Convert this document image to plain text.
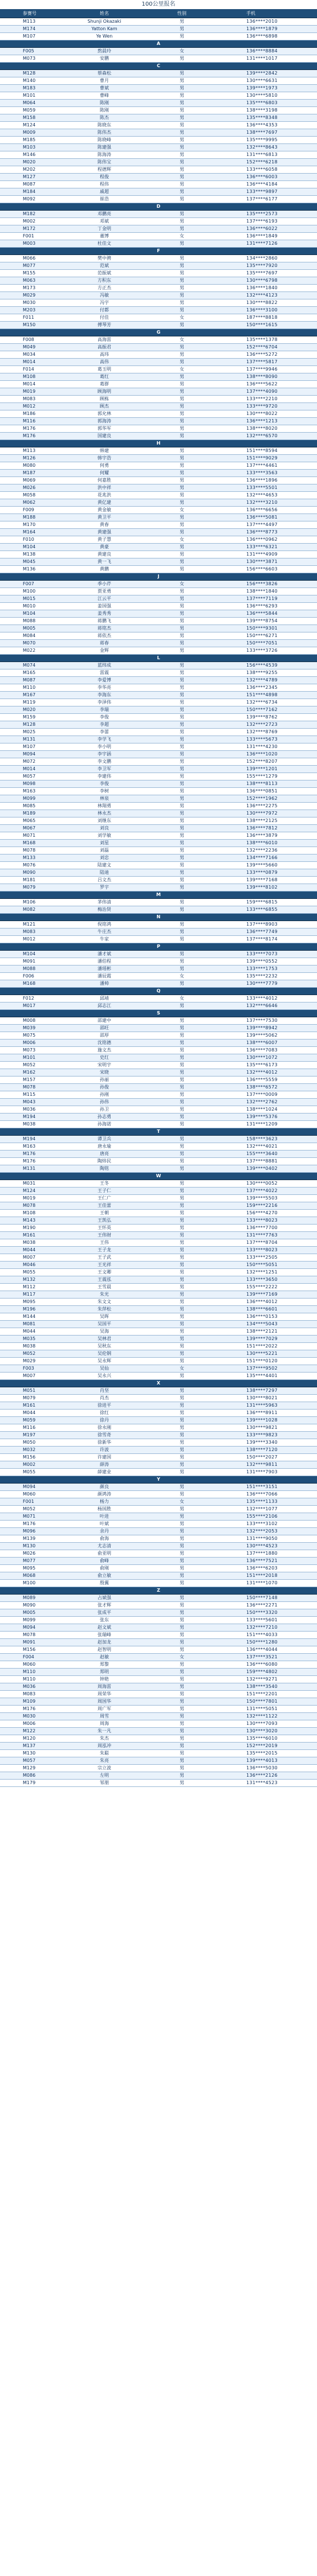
100公里报名
参赛号	姓名	性别	手机
M113	Shunji Okazaki	男	136****2010
M174	Yatton Kam	男	136****1879
M107	Ye Wen	男	136****6898
A
F005	熬晨玲	女	136****8884
M073	安鹏	男	131****1017
C
M128	蔡森松	男	139****2842
M140	曹月	男	130****6631
M183	曹斌	男	139****1973
M101	曹峰	男	130****5810
M064	陈刚	男	135****6803
M059	陈刚	男	138****3198
M158	陈杰	男	135****8348
M124	陈晓东	男	136****4353
M009	陈伟杰	男	138****7697
M185	陈晓峰	男	135****9995
M103	陈建强	男	132****8643
M146	陈海涛	男	131****6813
M020	陈伟宝	男	152****6218
M202	程德辉	男	133****6058
M127	程俊	男	136****6003
M087	程伟	男	136****4184
M184	戚超	男	133****9897
M092	崔浩	男	137****6177
D
M182	邓鹏亮	男	135****2573
M002	邓斌	男	137****6193
M172	丁金明	男	136****6022
F001	董博	女	136****1849
M003	杜佳文	男	131****7126
F
M066	樊中骋	男	134****2860
M077	范斌	男	135****7920
M155	范振斌	男	135****7697
M063	方积东	男	130****6798
M173	方正杰	男	136****1840
M029	冯敏	男	132****4123
M030	冯宇	男	130****8822
M203	付都	男	136****3100
F011	付佳	女	187****8818
M150	傅琴芳	男	150****1615
G
F008	高海雷	女	135****1378
M049	高振君	男	152****6704
M034	高玮	男	136****5272
M014	高伟	男	137****5817
F014	葛玉明	女	137****9946
M108	葛红	男	138****8090
M014	葛群	男	136****5622
M019	顾海明	男	137****4090
M083	顾栋	男	133****2210
M012	顾杰	男	133****9720
M186	郭允林	男	130****8022
M116	郭海涛	男	136****1213
M176	郭华军	男	138****8020
M176	国建良	男	132****6570
H
M113	韩建	男	151****8594
M126	韩宇浩	男	151****9029
M080	何勇	男	137****4461
M187	何耀	男	133****3563
M069	何嘉胜	男	136****1896
M026	洪中祥	男	133****5501
M058	花兆洪	男	132****4653
M062	黄亿建	男	132****3210
F009	黄金敏	女	136****6656
M188	黄卫平	男	136****5081
M170	黄春	男	137****4497
M164	黄建强	男	136****8773
F010	黄子慧	女	136****0962
M104	黄豪	男	133****6321
M138	黄建良	男	131****4909
M045	黄一飞	男	130****3871
M136	黄鹏	男	156****6603
J
F007	季小芹	女	156****3826
M100	贾亚勇	男	138****1840
M015	江云平	男	137****7119
M010	姜国强	男	136****6293
M104	姜秀秀	男	136****5844
M088	蒋鹏飞	男	139****8754
M005	蒋铭杰	男	150****9301
M084	蒋依杰	男	150****6271
M070	蒋春	男	150****7051
M022	金辉	男	133****3726
L
M074	蓝纬成	男	156****4539
M165	雷震	男	138****9255
M087	李爱博	男	132****4789
M110	李华亮	男	136****2345
M167	李海东	男	151****4898
M119	李泽伟	男	132****6734
M020	李瑞	男	150****7162
M159	李俊	男	139****8762
M128	李超	男	132****2723
M025	李蕾	男	132****8769
M131	李学飞	男	133****5673
M107	李小明	男	131****4230
M094	李宇涵	男	136****1020
M072	李文鹏	男	152****8207
M014	李卫军	男	139****1201
M057	李建伟	男	155****1279
M098	李俊	男	138****8113
M163	李树	男	136****0851
M099	林泉	男	152****1962
M085	林翔勇	男	136****2275
M189	林永杰	男	130****7972
M065	刘继东	男	138****2125
M067	刘良	男	136****7812
M071	刘学敏	男	136****3879
M168	刘星	男	138****6010
M078	刘磊	男	132****2236
M133	刘忠	男	134****7166
M076	陆建文	男	139****5660
M090	陆迪	男	133****0879
M181	吕文杰	男	139****7168
M079	罗宇	男	139****8102
M
M106	茅伟清	男	159****6815
M082	梅治贤	男	133****6855
N
M121	倪铭鸿	男	137****8903
M083	牛庄杰	男	136****7749
M012	牛家	男	137****8174
P
M104	潘才斌	男	133****7073
M091	潘伯程	男	139****0552
M088	潘瑶彬	男	133****1753
F006	潘辰霞	女	135****2232
M168	潘帅	男	130****7779
Q
F012	邱靖	女	133****4012
M017	邱志江	男	132****6646
S
M008	邵建中	男	137****7530
M039	邵旺	男	139****8942
M075	邵厚	男	139****5062
M006	沈铭德	男	138****6007
M073	施文杰	男	136****7083
M101	史红	男	130****1072
M052	宋明宇	男	135****6173
M162	宋晓	男	132****4012
M157	孙丽	男	136****5559
M078	孙俊	男	138****6572
M115	孙刚	男	137****0009
M043	孙伟	男	132****2762
M036	孙卫	男	138****1024
M194	孙志勇	男	139****5376
M038	孙海诺	男	131****1209
T
M194	谭卫兵	男	158****3623
M163	唐永瑜	男	132****4021
M176	唐亮	男	155****3640
M176	陶炜民	男	137****8881
M131	陶铭	男	139****0402
W
M031	王冬	男	130****0052
M124	王子仁	男	137****4022
M019	王仁广	男	139****5503
M078	王佳蕾	男	159****2216
M108	王朝	男	156****4270
M143	王凯弘	男	133****8023
M190	王怀英	男	136****7700
M161	王伟财	男	131****7763
M038	王伟	男	137****8704
M044	王子龙	男	133****8023
M007	王子武	男	133****2505
M046	王光祥	男	150****5051
M055	王文卿	男	132****1251
M132	王震泓	男	133****3650
M112	王雪晨	男	155****2222
M117	朱光	男	139****7169
M095	朱文文	男	136****4012
M196	朱萍松	男	138****6601
M144	吴晖	男	136****0153
M081	吴国平	男	134****5043
M044	吴海	男	138****2121
M035	吴林君	男	139****7029
M038	吴秋东	男	151****2022
M052	吴伦钢	男	130****5221
M029	吴永辉	男	151****0120
F003	吴仙	女	137****9502
M007	吴永兴	男	135****4401
X
M051	肖坚	男	138****7297
M079	肖杰	男	130****8021
M161	徐进平	男	131****5963
M044	徐红	男	136****8911
M059	徐丹	男	139****1028
M116	徐永刚	男	130****9821
M197	徐雪奇	男	133****9823
M050	徐新华	男	139****3340
M032	许波	男	138****7120
M156	许建国	男	150****2027
M002	薛涛	男	132****9811
M055	薛建业	男	131****7903
Y
M094	颜良	男	151****3151
M060	颜鸿涛	男	136****7066
F001	杨力	女	135****1133
M052	杨国胜	男	132****1077
M071	叶进	男	155****2106
M176	叶斌	男	133****3102
M096	余丹	男	132****2053
M139	俞海	男	131****9050
M130	尤志清	男	130****4523
M026	俞亚明	男	137****1880
M077	俞峰	男	136****7521
M095	俞刚	男	136****6203
M068	俞立敏	男	151****2018
M100	殷翼	男	131****1070
Z
M089	占斌强	男	150****7148
M090	张才辉	男	136****2271
M005	张成平	男	150****3320
M099	张东	男	133****5601
M094	赵文斌	男	132****7210
M078	张瑞峰	男	151****4033
M091	赵加龙	男	150****1280
M156	赵智明	男	136****4044
F004	赵敏	女	137****3521
M060	郑黎	男	136****6080
M110	郑明	男	159****4802
M110	钟艳	男	132****9271
M036	周海雷	男	138****3540
M083	周荣华	男	151****2201
M109	周国华	男	150****7801
M176	周广军	男	131****5051
M030	周雪	男	132****1122
M006	周海	男	130****7093
M122	朱一凡	男	130****3020
M120	朱杰	男	135****6010
M137	周泓冲	男	152****2019
M130	朱聪	男	135****2015
M057	朱亮	男	139****4013
M129	宗立波	男	136****5030
M086	左明	男	136****2126
M179	邹朋	男	131****4523
